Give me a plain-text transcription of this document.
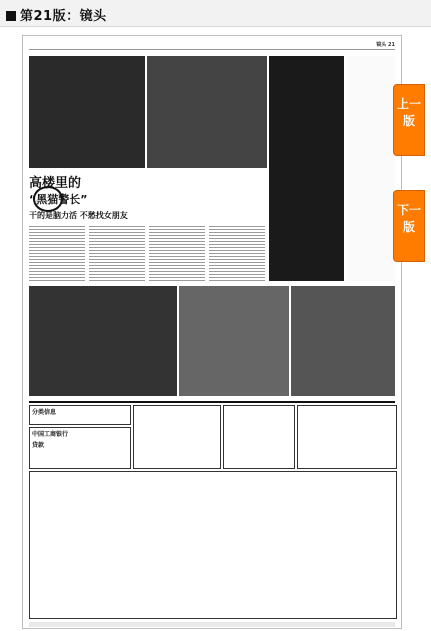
第21版：镜头
镜头 21
高楼里的
“黑猫警长”
干的是脑力活 不愁找女朋友
分类信息
中国工商银行
贷款
上一版
下一版
